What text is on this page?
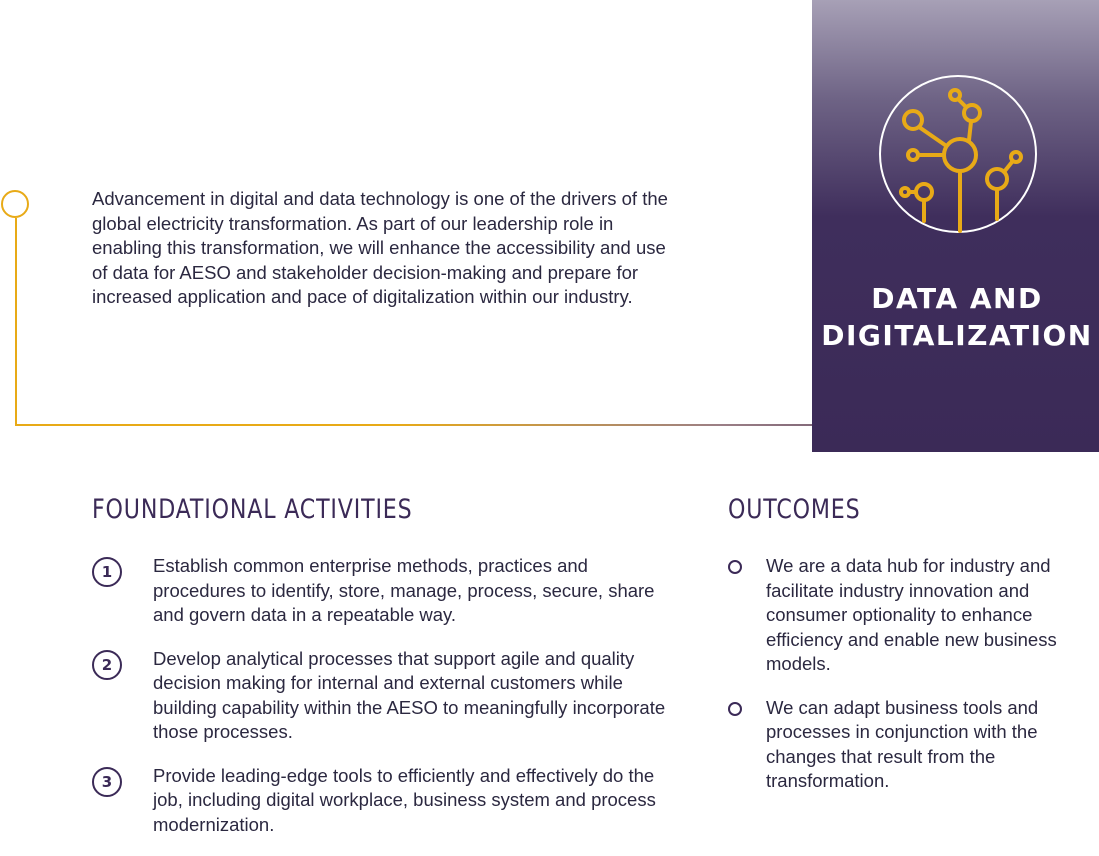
Advancement in digital and data technology is one of the drivers of the global electricity transformation. As part of our leadership role in enabling this transformation, we will enhance the accessibility and use of data for AESO and stakeholder decision-making and prepare for increased application and pace of digitalization within our industry.	DATA AND
DIGITALIZATION
FOUNDATIONAL ACTIVITIES
1	Establish common enterprise methods, practices and procedures to identify, store, manage, process, secure, share and govern data in a repeatable way.
2	Develop analytical processes that support agile and quality decision making for internal and external customers while building capability within the AESO to meaningfully incorporate those processes.
3	Provide leading-edge tools to efficiently and effectively do the job, including digital workplace, business system and process modernization.
OUTCOMES
We are a data hub for industry and facilitate industry innovation and consumer optionality to enhance efficiency and enable new business models.
We can adapt business tools and processes in conjunction with the changes that result from the transformation.
